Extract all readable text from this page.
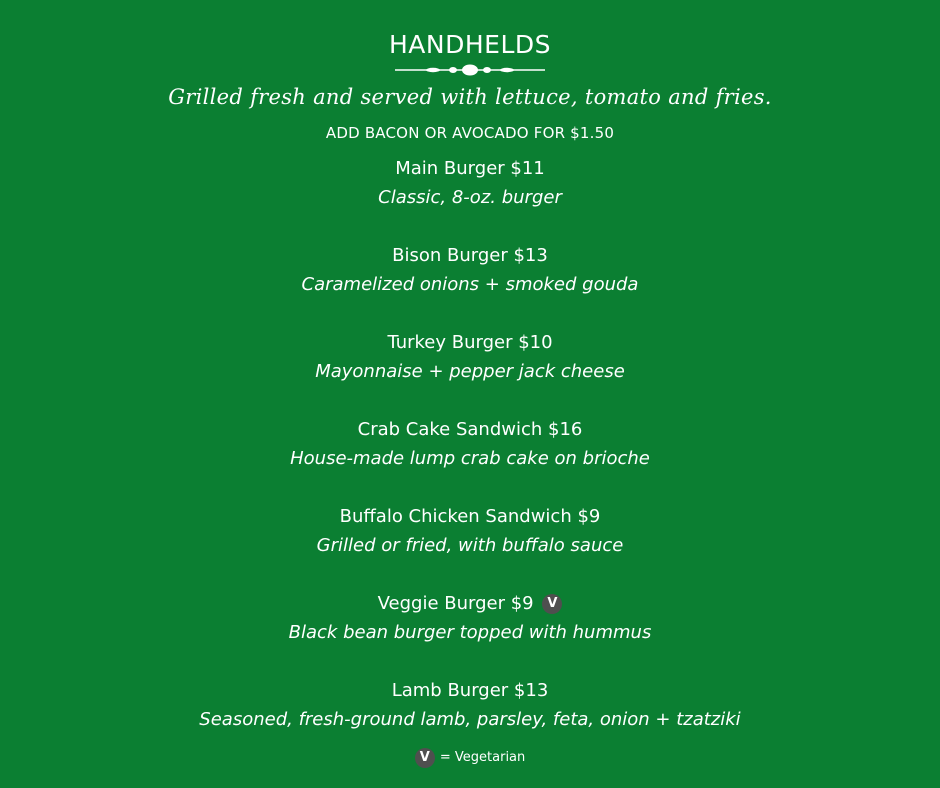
HANDHELDS
Grilled fresh and served with lettuce, tomato and fries.
ADD BACON OR AVOCADO FOR $1.50
Main Burger $11
Classic, 8-oz. burger
Bison Burger $13
Caramelized onions + smoked gouda
Turkey Burger $10
Mayonnaise + pepper jack cheese
Crab Cake Sandwich $16
House-made lump crab cake on brioche
Buffalo Chicken Sandwich $9
Grilled or fried, with buffalo sauce
Veggie Burger $9 V
Black bean burger topped with hummus
Lamb Burger $13
Seasoned, fresh-ground lamb, parsley, feta, onion + tzatziki
V = Vegetarian
